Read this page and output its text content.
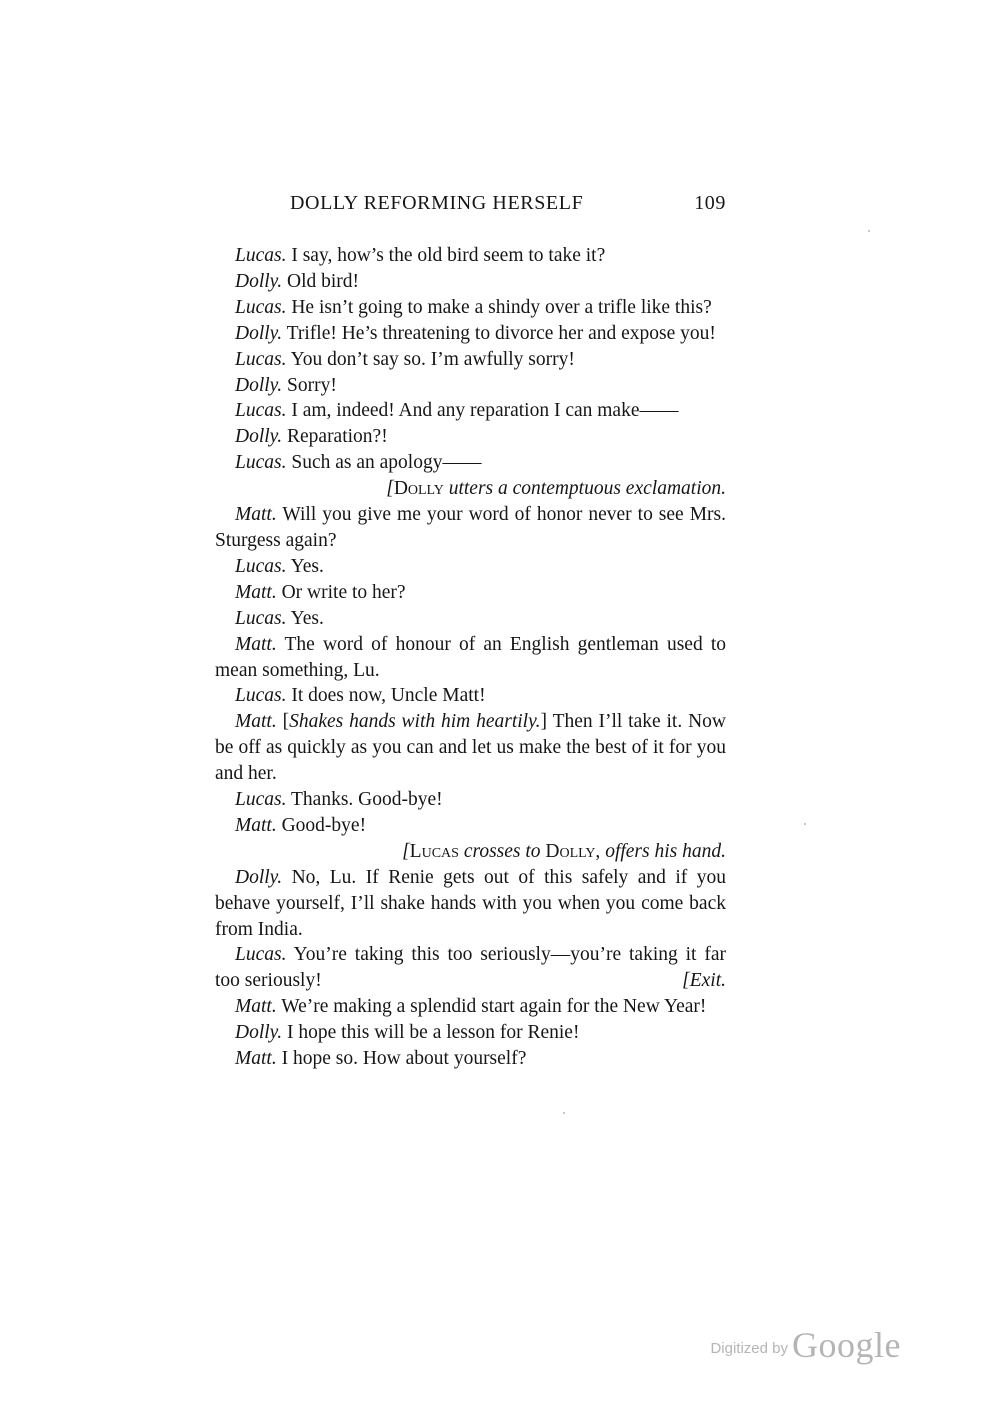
DOLLY REFORMING HERSELF	109

Lucas. I say, how’s the old bird seem to take it?

Dolly. Old bird!

Lucas. He isn’t going to make a shindy over a trifle like this?

Dolly. Trifle! He’s threatening to divorce her and expose you!

Lucas. You don’t say so. I’m awfully sorry!

Dolly. Sorry!

Lucas. I am, indeed! And any reparation I can make——

Dolly. Reparation?!

Lucas. Such as an apology——

[Dolly utters a contemptuous exclamation.

Matt. Will you give me your word of honor never to see Mrs. Sturgess again?

Lucas. Yes.

Matt. Or write to her?

Lucas. Yes.

Matt. The word of honour of an English gentleman used to mean something, Lu.

Lucas. It does now, Uncle Matt!

Matt. [Shakes hands with him heartily.] Then I’ll take it. Now be off as quickly as you can and let us make the best of it for you and her.

Lucas. Thanks. Good-bye!

Matt. Good-bye!

[Lucas crosses to Dolly, offers his hand.

Dolly. No, Lu. If Renie gets out of this safely and if you behave yourself, I’ll shake hands with you when you come back from India.

Lucas. You’re taking this too seriously—you’re taking it far too seriously!	[Exit.

Matt. We’re making a splendid start again for the New Year!

Dolly. I hope this will be a lesson for Renie!

Matt. I hope so. How about yourself?

Digitized by Google
